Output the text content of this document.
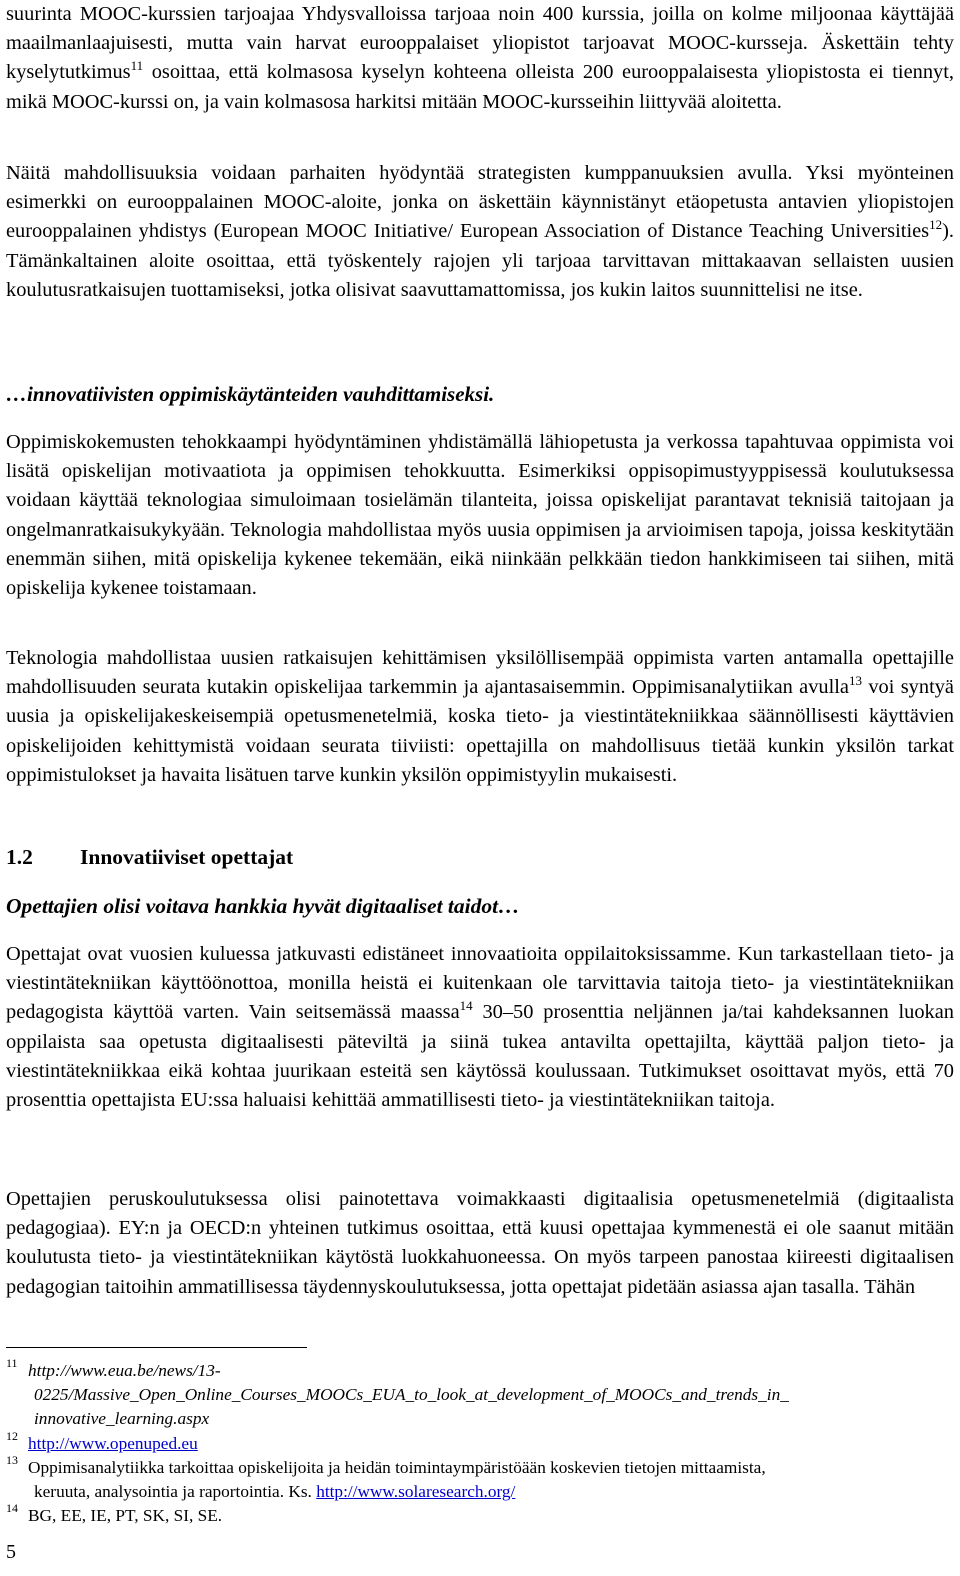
suurinta MOOC-kurssien tarjoajaa Yhdysvalloissa tarjoaa noin 400 kurssia, joilla on kolme miljoonaa käyttäjää maailmanlaajuisesti, mutta vain harvat eurooppalaiset yliopistot tarjoavat MOOC-kursseja. Äskettäin tehty kyselytutkimus$^{11}$ osoittaa, että kolmasosa kyselyn kohteena olleista 200 eurooppalaisesta yliopistosta ei tiennyt, mikä MOOC-kurssi on, ja vain kolmasosa harkitsi mitään MOOC-kursseihin liittyvää aloitetta.

Näitä mahdollisuuksia voidaan parhaiten hyödyntää strategisten kumppanuuksien avulla. Yksi myönteinen esimerkki on eurooppalainen MOOC-aloite, jonka on äskettäin käynnistänyt etäopetusta antavien yliopistojen eurooppalainen yhdistys (European MOOC Initiative/ European Association of Distance Teaching Universities$^{12}$). Tämänkaltainen aloite osoittaa, että työskentely rajojen yli tarjoaa tarvittavan mittakaavan sellaisten uusien koulutusratkaisujen tuottamiseksi, jotka olisivat saavuttamattomissa, jos kukin laitos suunnittelisi ne itse.

…innovatiivisten oppimiskäytänteiden vauhdittamiseksi.

Oppimiskokemusten tehokkaampi hyödyntäminen yhdistämällä lähiopetusta ja verkossa tapahtuvaa oppimista voi lisätä opiskelijan motivaatiota ja oppimisen tehokkuutta. Esimerkiksi oppisopimustyyppisessä koulutuksessa voidaan käyttää teknologiaa simuloimaan tosielämän tilanteita, joissa opiskelijat parantavat teknisiä taitojaan ja ongelmanratkaisukykyään. Teknologia mahdollistaa myös uusia oppimisen ja arvioimisen tapoja, joissa keskitytään enemmän siihen, mitä opiskelija kykenee tekemään, eikä niinkään pelkkään tiedon hankkimiseen tai siihen, mitä opiskelija kykenee toistamaan.

Teknologia mahdollistaa uusien ratkaisujen kehittämisen yksilöllisempää oppimista varten antamalla opettajille mahdollisuuden seurata kutakin opiskelijaa tarkemmin ja ajantasaisemmin. Oppimisanalytiikan avulla$^{13}$ voi syntyä uusia ja opiskelijakeskeisempiä opetusmenetelmiä, koska tieto- ja viestintätekniikkaa säännöllisesti käyttävien opiskelijoiden kehittymistä voidaan seurata tiiviisti: opettajilla on mahdollisuus tietää kunkin yksilön tarkat oppimistulokset ja havaita lisätuen tarve kunkin yksilön oppimistyylin mukaisesti.

1.2 Innovatiiviset opettajat
Opettajien olisi voitava hankkia hyvät digitaaliset taidot…

Opettajat ovat vuosien kuluessa jatkuvasti edistäneet innovaatioita oppilaitoksissamme. Kun tarkastellaan tieto- ja viestintätekniikan käyttöönottoa, monilla heistä ei kuitenkaan ole tarvittavia taitoja tieto- ja viestintätekniikan pedagogista käyttöä varten. Vain seitsemässä maassa$^{14}$ 30–50 prosenttia neljännen ja/tai kahdeksannen luokan oppilaista saa opetusta digitaalisesti päteviltä ja siinä tukea antavilta opettajilta, käyttää paljon tieto- ja viestintätekniikkaa eikä kohtaa juurikaan esteitä sen käytössä koulussaan. Tutkimukset osoittavat myös, että 70 prosenttia opettajista EU:ssa haluaisi kehittää ammatillisesti tieto- ja viestintätekniikan taitoja.

Opettajien peruskoulutuksessa olisi painotettava voimakkaasti digitaalisia opetusmenetelmiä (digitaalista pedagogiaa). EY:n ja OECD:n yhteinen tutkimus osoittaa, että kuusi opettajaa kymmenestä ei ole saanut mitään koulutusta tieto- ja viestintätekniikan käytöstä luokkahuoneessa. On myös tarpeen panostaa kiireesti digitaalisen pedagogian taitoihin ammatillisessa täydennyskoulutuksessa, jotta opettajat pidetään asiassa ajan tasalla. Tähän

11 http://www.eua.be/news/13-
0225/Massive_Open_Online_Courses_MOOCs_EUA_to_look_at_development_of_MOOCs_and_trends_in_
innovative_learning.aspx
12 http://www.openuped.eu
13 Oppimisanalytiikka tarkoittaa opiskelijoita ja heidän toimintaympäristöään koskevien tietojen mittaamista,
keruuta, analysointia ja raportointia. Ks. http://www.solaresearch.org/
14 BG, EE, IE, PT, SK, SI, SE.
5
